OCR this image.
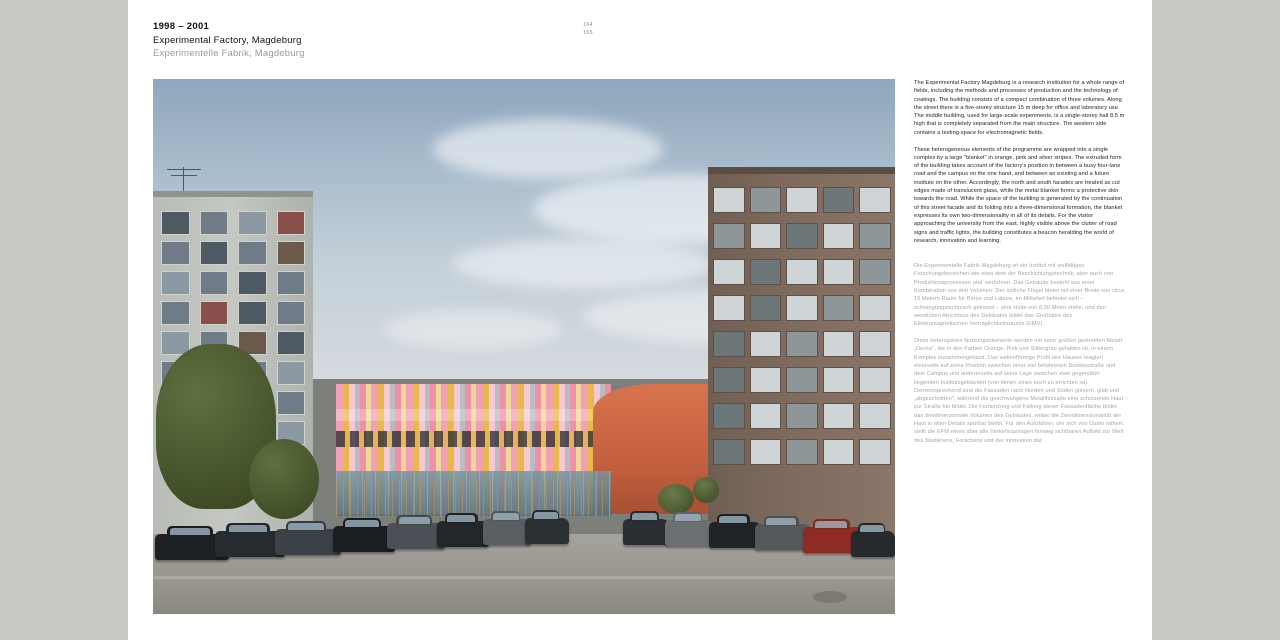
1998 – 2001
Experimental Factory, Magdeburg
Experimentelle Fabrik, Magdeburg
164
165

The Experimental Factory Magdeburg is a research institution for a whole range of fields, including the methods and processes of production and the technology of coatings. The building consists of a compact combination of three volumes. Along the street there is a five-storey structure 15 m deep for office and laboratory use. The middle building, used for large-scale experiments, is a single-storey hall 8.5 m high that is completely separated from the main structure. The western side contains a testing-space for electromagnetic fields.

These heterogeneous elements of the programme are wrapped into a single complex by a large "blanket" in orange, pink and silver stripes. The extruded form of the building takes account of the factory's position in between a busy four-lane road and the campus on the one hand, and between an existing and a future institute on the other. Accordingly, the north and south facades are treated as cut edges made of translucent glass, while the metal blanket forms a protective skin towards the road. While the space of the building is generated by the continuation of this street facade and its folding into a three-dimensional formation, the blanket expresses its own two-dimensionality in all of its details. For the visitor approaching the university from the east, highly visible above the clutter of road signs and traffic lights, the building constitutes a beacon heralding the world of research, innovation and learning.

Die Experimentelle Fabrik Magdeburg ist ein Institut mit vielfältigen Forschungsbereichen wie etwa dem der Beschichtungstechnik, aber auch von Produktionsprozessen und -verfahren. Das Gebäude besteht aus einer Kombination von drei Volumen: Der östliche Flügel bietet mit einer Breite von circa 15 Metern Raum für Büros und Labore, im Mittelteil befindet sich – schwingungstechnisch getrennt – eine Halle von 8,50 Meter Höhe, und den westlichen Abschluss des Gebäudes bildet das Großlabor des Elektromagnetischen Verträglichkeitsraums (EMV).

Diese heterogenen Nutzungselemente werden mit einer großen gestreiften Metall-„Decke", die in den Farben Orange, Pink und Silbergrau gehalten ist, in einem Komplex zusammengefasst. Das wellenförmige Profil des Hauses reagiert einerseits auf seine Position zwischen einer viel befahrenen Bundesstraße und dem Campus und andererseits auf seine Lage zwischen zwei gegenüber liegenden Institutsgebäuden (von denen eines noch zu errichten ist). Dementsprechend sind die Fassaden nach Norden und Süden gläsern, glatt und „abgeschnitten", während die geschwungene Metallfassade eine schützende Haut zur Straße hin bildet. Die Fortsetzung und Faltung dieser Fassadenfläche bildet das dreidimensionale Volumen des Gebäudes, wobei die Zweidimensionalität der Haut in allen Details spürbar bleibt. Für den Autofahrer, der sich von Osten nähert, stellt die EFM einen über alle Verkehrsanlagen hinweg sichtbaren Auftakt zur Welt des Studierens, Forschens und der Innovation dar.
